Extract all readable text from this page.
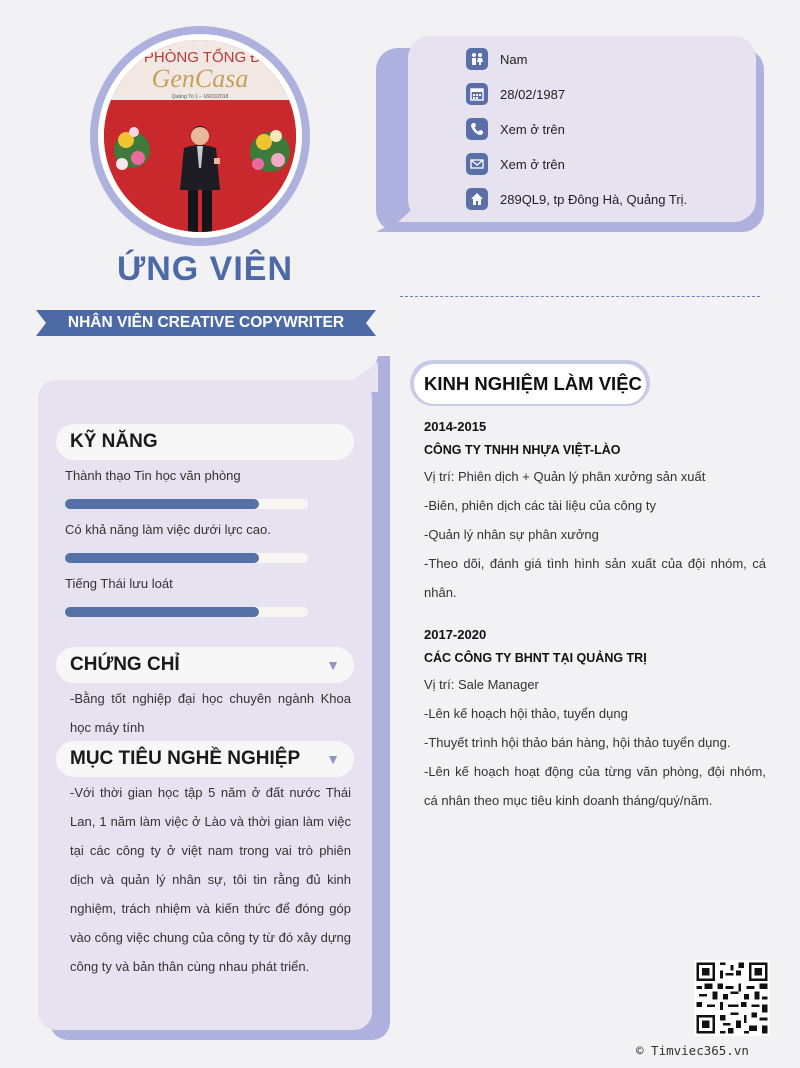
N PHÒNG TỔNG ĐẠ
GenCasa
Quảng Trị 1 – 16/03/2018
ỨNG VIÊN
NHÂN VIÊN CREATIVE COPYWRITER
Nam
28/02/1987
Xem ở trên
Xem ở trên
289QL9, tp Đông Hà, Quảng Trị.
KỸ NĂNG
Thành thạo Tin học văn phòng
Có khả năng làm việc dưới lực cao.
Tiếng Thái lưu loát
CHỨNG CHỈ	▼
-Bằng tốt nghiệp đại học chuyên ngành Khoa học máy tính
MỤC TIÊU NGHỀ NGHIỆP ▼
-Với thời gian học tập 5 năm ở đất nước Thái Lan, 1 năm làm việc ở Lào và thời gian làm việc tại các công ty ở việt nam trong vai trò phiên dịch và quản lý nhân sự, tôi tin rằng đủ kinh nghiệm, trách nhiệm và kiến thức để đóng góp vào công việc chung của công ty từ đó xây dựng công ty và bản thân cùng nhau phát triển.
KINH NGHIỆM LÀM VIỆC
2014-2015
CÔNG TY TNHH NHỰA VIỆT-LÀO
Vị trí: Phiên dịch + Quản lý phân xưởng sản xuất
-Biên, phiên dịch các tài liệu của công ty
-Quản lý nhân sự phân xưởng
-Theo dõi, đánh giá tình hình sản xuất của đội nhóm, cá nhân.
2017-2020
CÁC CÔNG TY BHNT TẠI QUẢNG TRỊ
Vị trí: Sale Manager
-Lên kế hoạch hội thảo, tuyển dụng
-Thuyết trình hội thảo bán hàng, hội thảo tuyển dụng.
-Lên kế hoạch hoạt động của từng văn phòng, đội nhóm, cá nhân theo mục tiêu kinh doanh tháng/quý/năm.
© Timviec365.vn
